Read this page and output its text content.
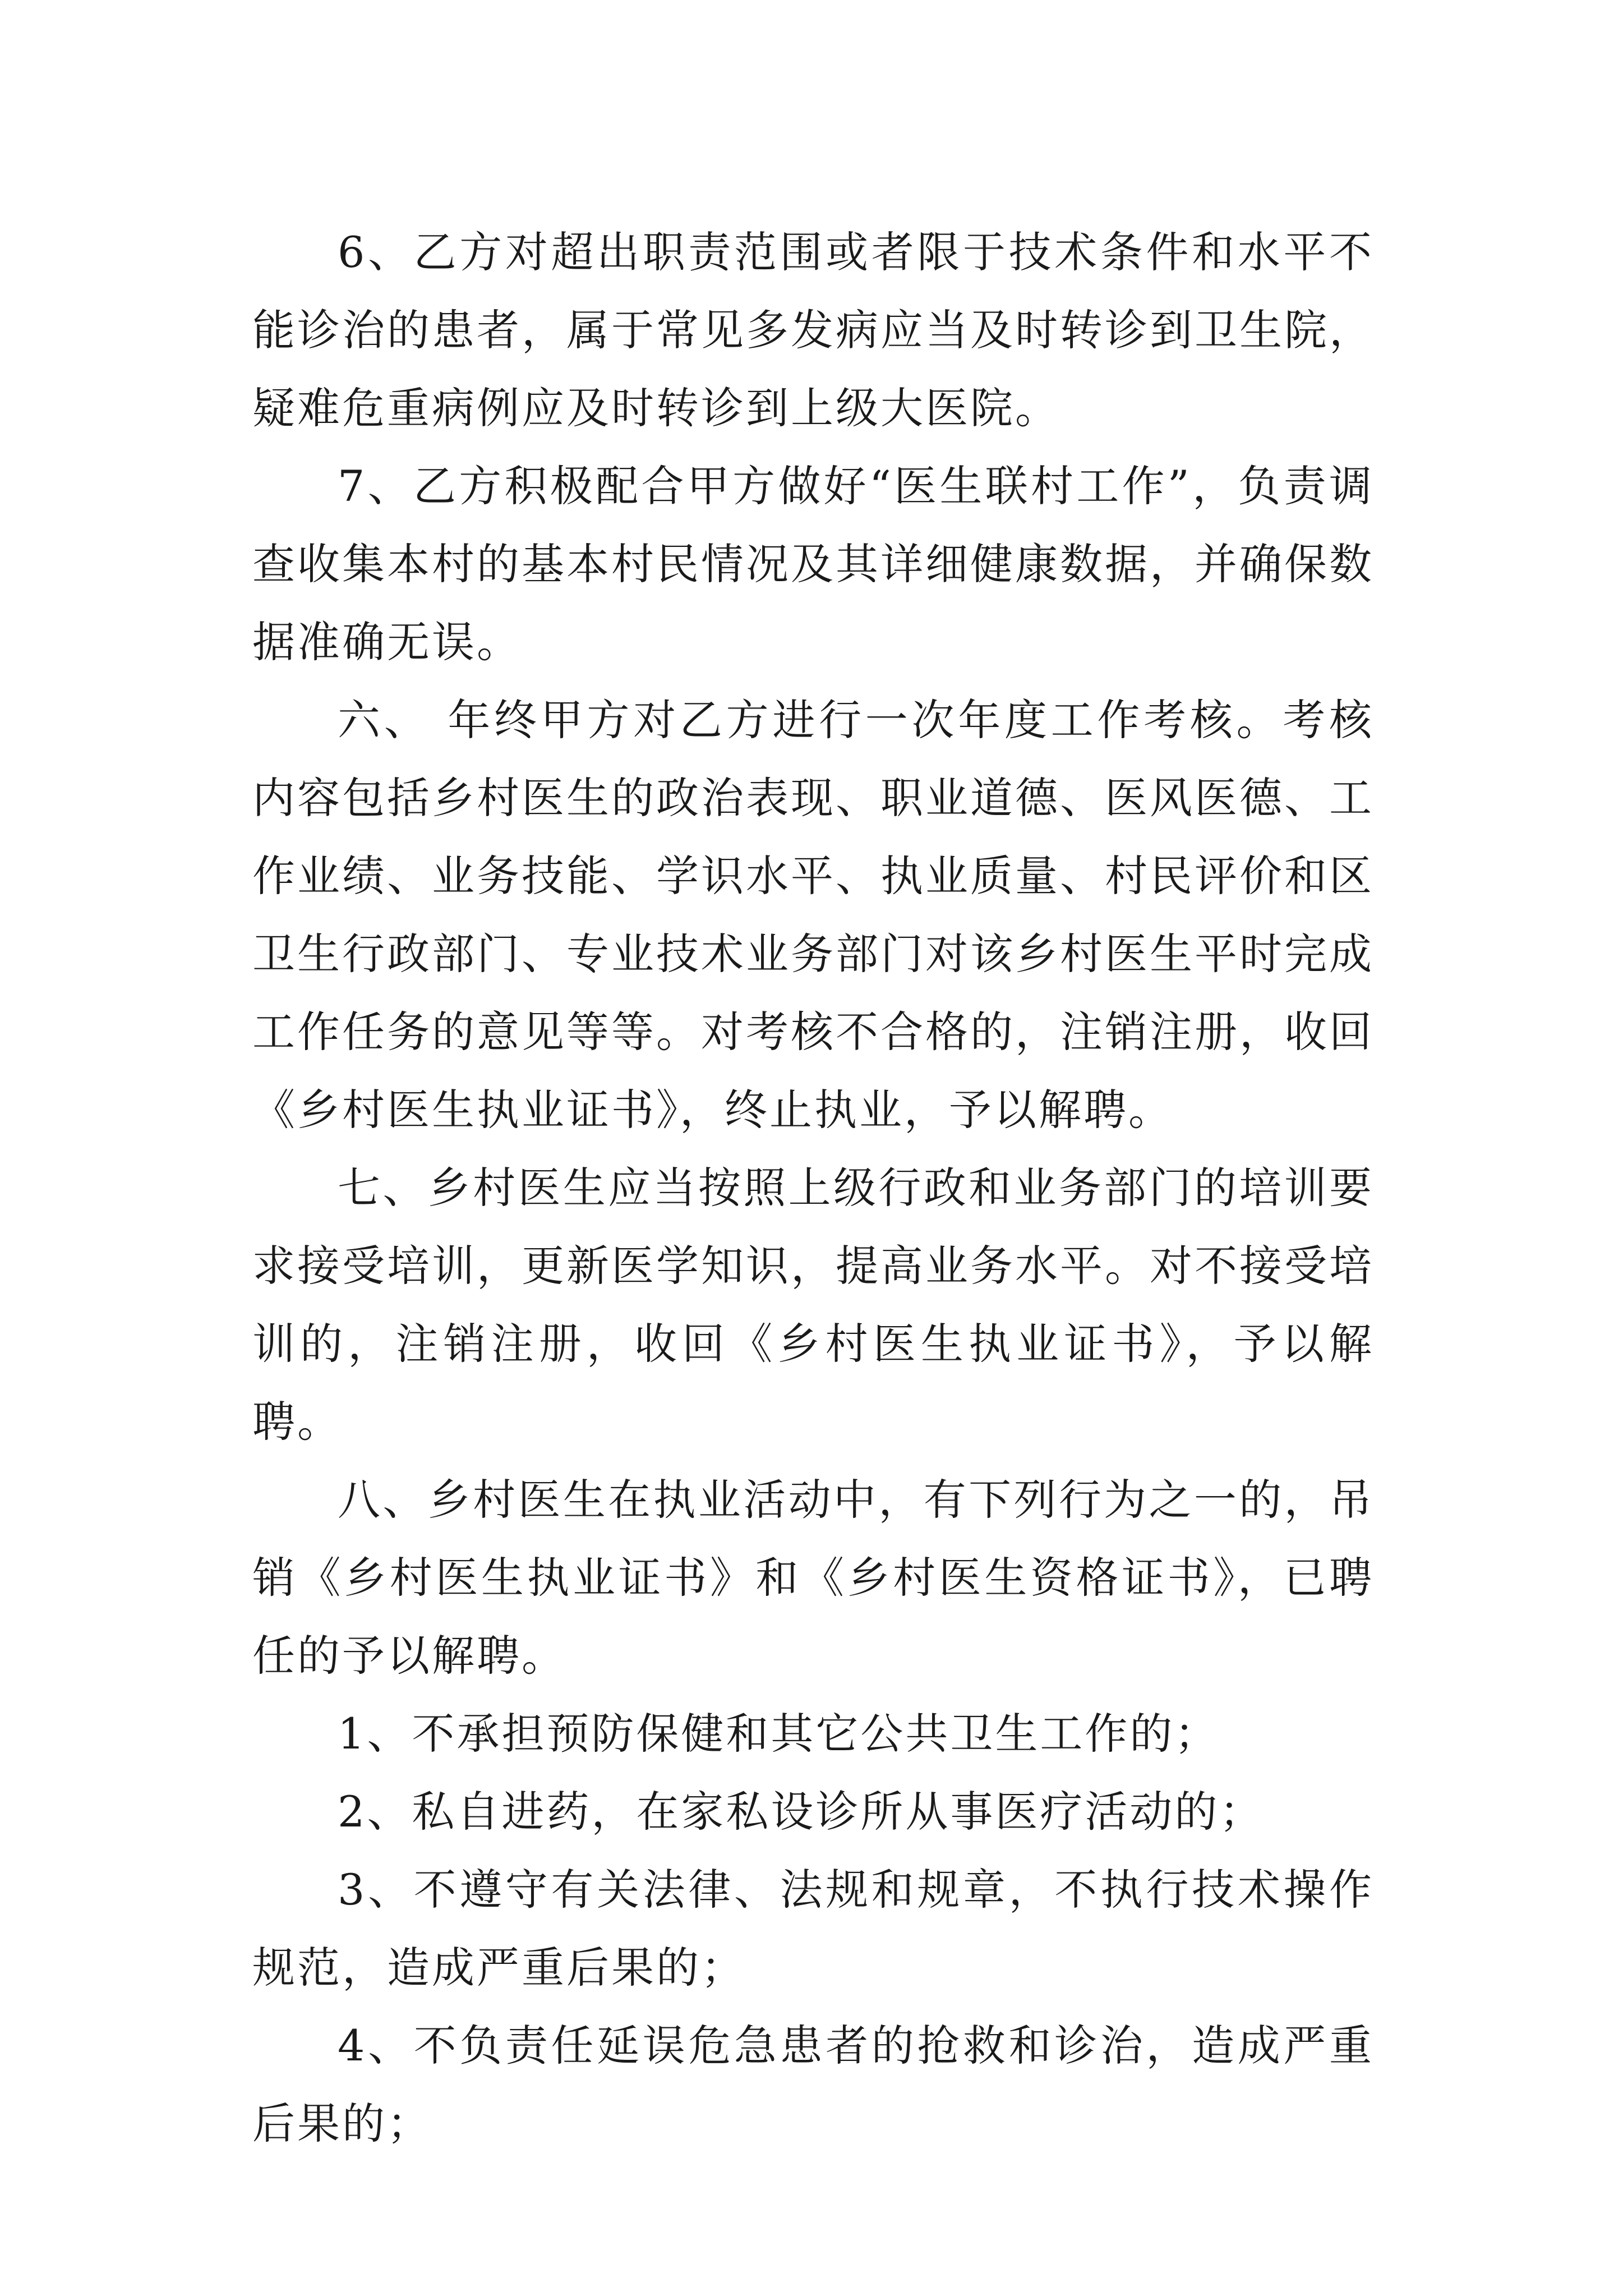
6、乙方对超出职责范围或者限于技术条件和水平不能诊治的患者，属于常见多发病应当及时转诊到卫生院，疑难危重病例应及时转诊到上级大医院。

7、乙方积极配合甲方做好“医生联村工作”，负责调查收集本村的基本村民情况及其详细健康数据，并确保数据准确无误。

六、 年终甲方对乙方进行一次年度工作考核。考核内容包括乡村医生的政治表现、职业道德、医风医德、工作业绩、业务技能、学识水平、执业质量、村民评价和区卫生行政部门、专业技术业务部门对该乡村医生平时完成工作任务的意见等等。对考核不合格的，注销注册，收回《乡村医生执业证书》，终止执业，予以解聘。

七、乡村医生应当按照上级行政和业务部门的培训要求接受培训，更新医学知识，提高业务水平。对不接受培训的，注销注册，收回《乡村医生执业证书》，予以解聘。

八、乡村医生在执业活动中，有下列行为之一的，吊销《乡村医生执业证书》和《乡村医生资格证书》，已聘任的予以解聘。

1、不承担预防保健和其它公共卫生工作的；

2、私自进药，在家私设诊所从事医疗活动的；

3、不遵守有关法律、法规和规章，不执行技术操作规范，造成严重后果的；

4、不负责任延误危急患者的抢救和诊治，造成严重后果的；
